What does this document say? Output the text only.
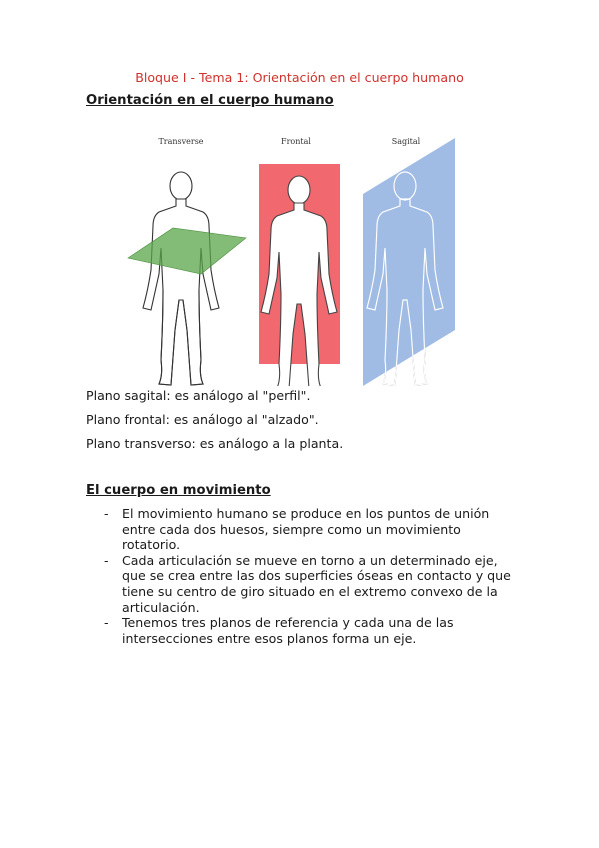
Bloque I - Tema 1: Orientación en el cuerpo humano
Orientación en el cuerpo humano
Transverse	Frontal	Sagital
Plano sagital: es análogo al "perfil".
Plano frontal: es análogo al "alzado".
Plano transverso: es análogo a la planta.
El cuerpo en movimiento
- El movimiento humano se produce en los puntos de unión entre cada dos huesos, siempre como un movimiento rotatorio.
- Cada articulación se mueve en torno a un determinado eje, que se crea entre las dos superficies óseas en contacto y que tiene su centro de giro situado en el extremo convexo de la articulación.
- Tenemos tres planos de referencia y cada una de las intersecciones entre esos planos forma un eje.
